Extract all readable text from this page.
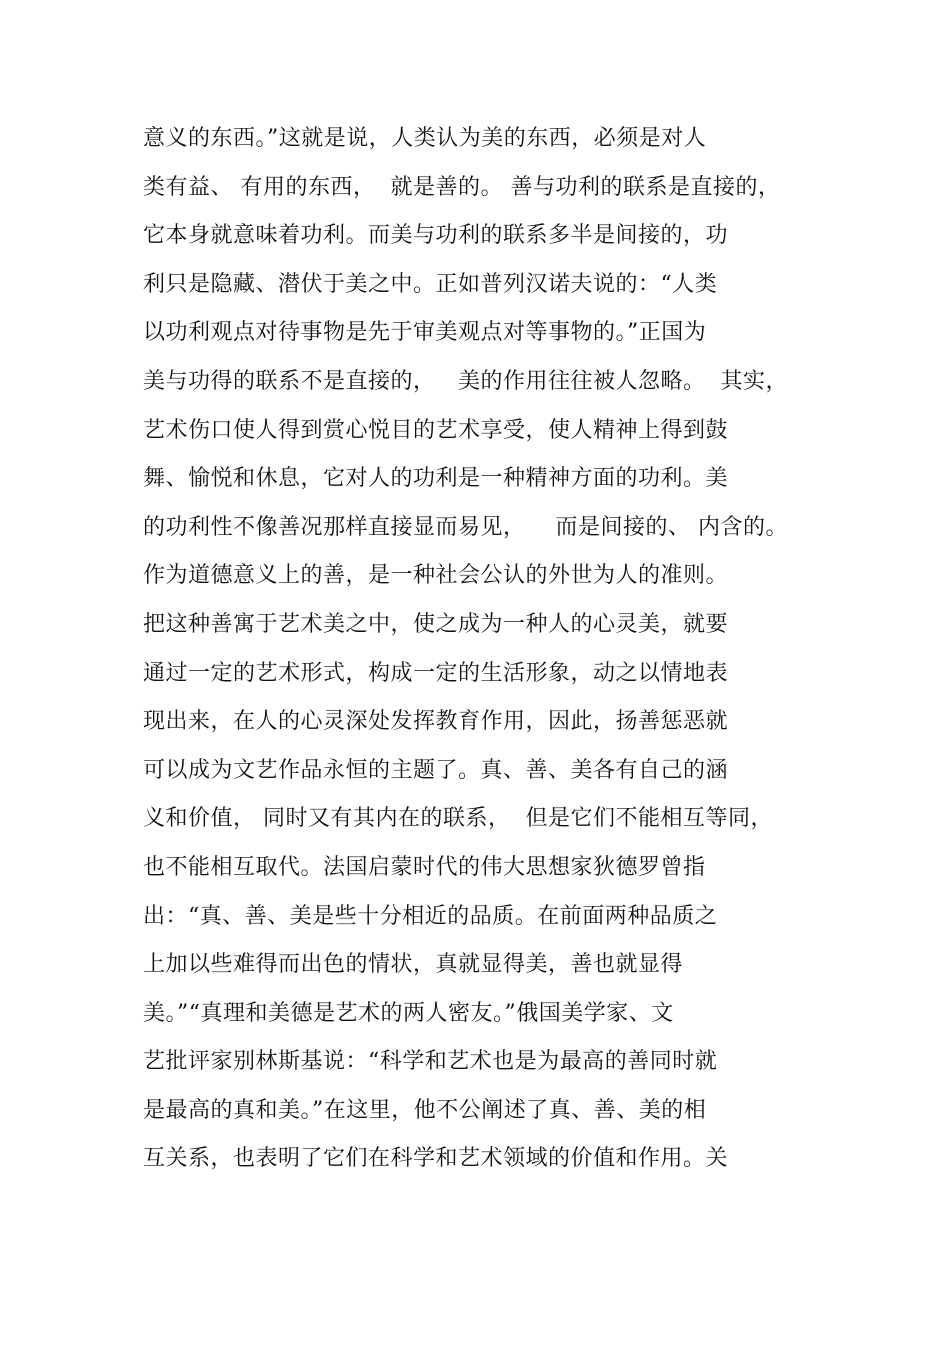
意义的东西。”这就是说，人类认为美的东西，必须是对人
类有益、 有用的东西，  就是善的。 善与功利的联系是直接的，
它本身就意味着功利。而美与功利的联系多半是间接的，功
利只是隐藏、潜伏于美之中。正如普列汉诺夫说的：“人类
以功利观点对待事物是先于审美观点对等事物的。”正国为
美与功得的联系不是直接的，   美的作用往往被人忽略。  其实，
艺术伤口使人得到赏心悦目的艺术享受，使人精神上得到鼓
舞、愉悦和休息，它对人的功利是一种精神方面的功利。美
的功利性不像善况那样直接显而易见，    而是间接的、 内含的。
作为道德意义上的善，是一种社会公认的外世为人的准则。
把这种善寓于艺术美之中，使之成为一种人的心灵美，就要
通过一定的艺术形式，构成一定的生活形象，动之以情地表
现出来，在人的心灵深处发挥教育作用，因此，扬善惩恶就
可以成为文艺作品永恒的主题了。真、善、美各有自己的涵
义和价值， 同时又有其内在的联系，  但是它们不能相互等同，
也不能相互取代。法国启蒙时代的伟大思想家狄德罗曾指
出：“真、善、美是些十分相近的品质。在前面两种品质之
上加以些难得而出色的情状，真就显得美，善也就显得
美。”“真理和美德是艺术的两人密友。”俄国美学家、文
艺批评家别林斯基说：“科学和艺术也是为最高的善同时就
是最高的真和美。”在这里，他不公阐述了真、善、美的相
互关系，也表明了它们在科学和艺术领域的价值和作用。关
